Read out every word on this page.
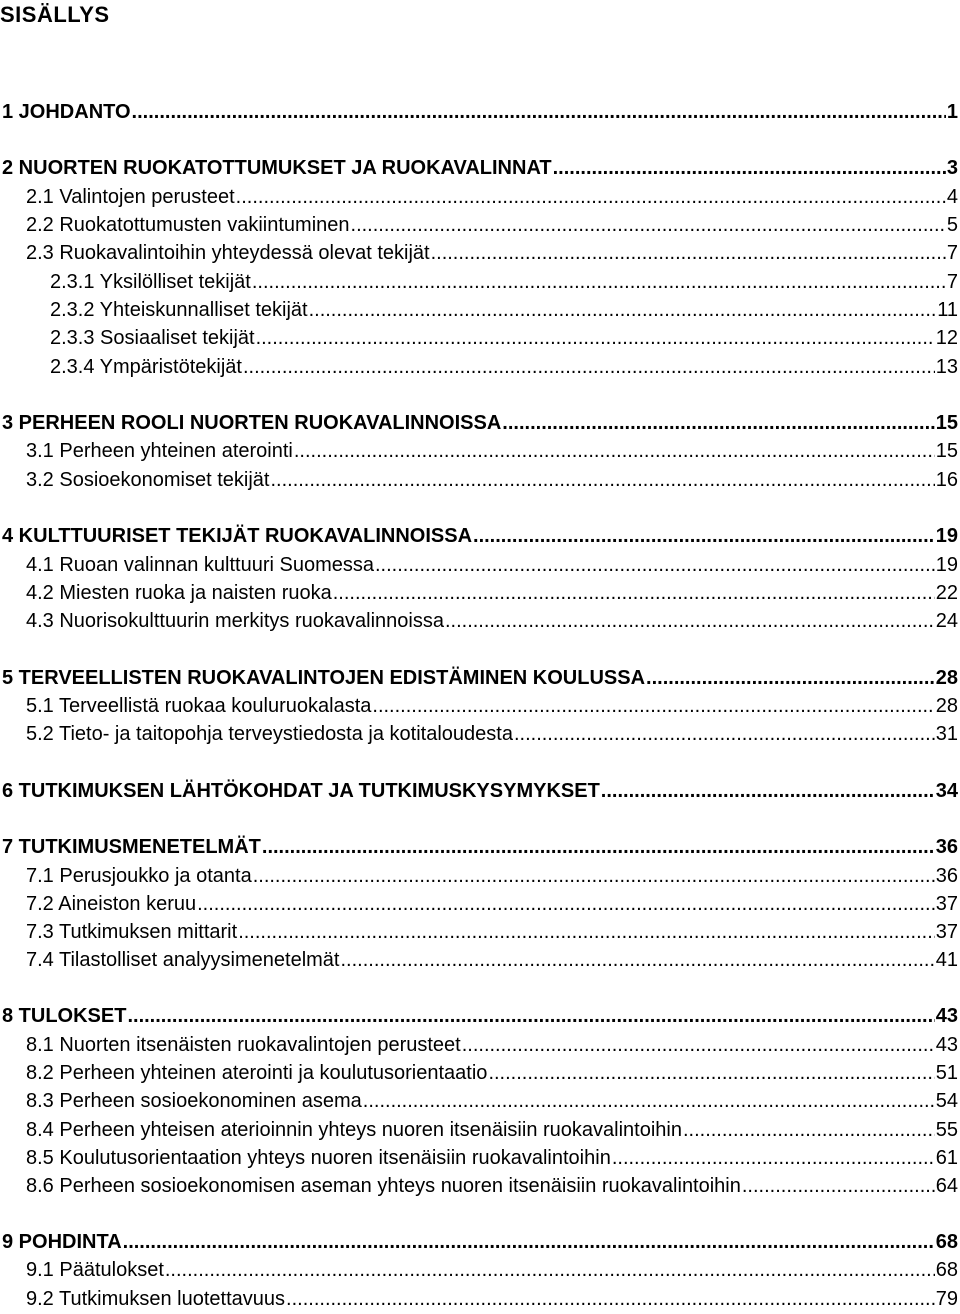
SISÄLLYS
1 JOHDANTO .....	1
2 NUORTEN RUOKATOTTUMUKSET JA RUOKAVALINNAT .....	3
2.1 Valintojen perusteet .....	4
2.2 Ruokatottumusten vakiintuminen .....	5
2.3 Ruokavalintoihin yhteydessä olevat tekijät .....	7
2.3.1 Yksilölliset tekijät .....	7
2.3.2 Yhteiskunnalliset tekijät .....	11
2.3.3 Sosiaaliset tekijät .....	12
2.3.4 Ympäristötekijät .....	13
3 PERHEEN ROOLI NUORTEN RUOKAVALINNOISSA .....	15
3.1 Perheen yhteinen aterointi .....	15
3.2 Sosioekonomiset tekijät .....	16
4 KULTTUURISET TEKIJÄT RUOKAVALINNOISSA .....	19
4.1 Ruoan valinnan kulttuuri Suomessa .....	19
4.2 Miesten ruoka ja naisten ruoka .....	22
4.3 Nuorisokulttuurin merkitys ruokavalinnoissa .....	24
5 TERVEELLISTEN RUOKAVALINTOJEN EDISTÄMINEN KOULUSSA .....	28
5.1 Terveellistä ruokaa kouluruokalasta .....	28
5.2 Tieto- ja taitopohja terveystiedosta ja kotitaloudesta .....	31
6 TUTKIMUKSEN LÄHTÖKOHDAT JA TUTKIMUSKYSYMYKSET .....	34
7 TUTKIMUSMENETELMÄT .....	36
7.1 Perusjoukko ja otanta .....	36
7.2 Aineiston keruu .....	37
7.3 Tutkimuksen mittarit .....	37
7.4 Tilastolliset analyysimenetelmät .....	41
8 TULOKSET .....	43
8.1 Nuorten itsenäisten ruokavalintojen perusteet .....	43
8.2 Perheen yhteinen aterointi ja koulutusorientaatio .....	51
8.3 Perheen sosioekonominen asema .....	54
8.4 Perheen yhteisen aterioinnin yhteys nuoren itsenäisiin ruokavalintoihin .....	55
8.5 Koulutusorientaation yhteys nuoren itsenäisiin ruokavalintoihin .....	61
8.6 Perheen sosioekonomisen aseman yhteys nuoren itsenäisiin ruokavalintoihin .....	64
9 POHDINTA .....	68
9.1 Päätulokset .....	68
9.2 Tutkimuksen luotettavuus .....	79
